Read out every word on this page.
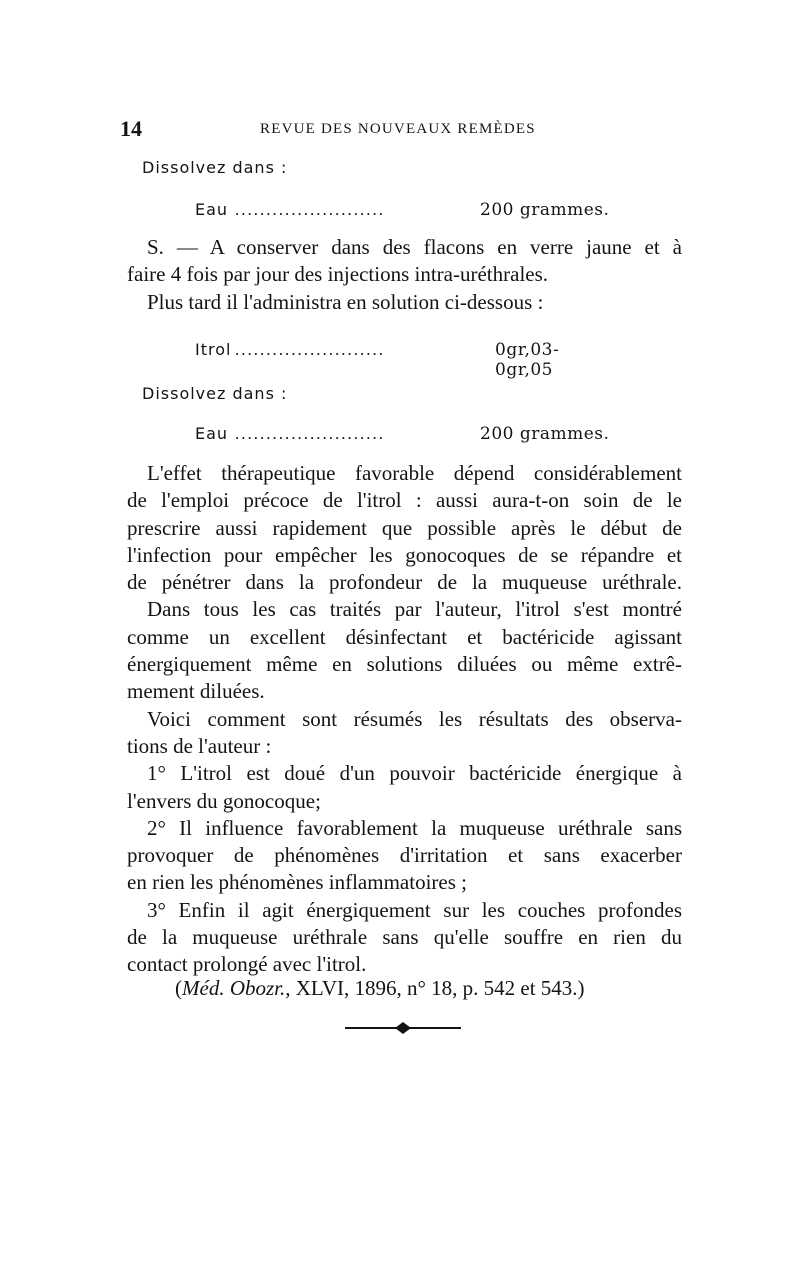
14	REVUE DES NOUVEAUX REMÈDES
Dissolvez dans :
Eau ........................	200 grammes.
S. — A conserver dans des flacons en verre jaune et à
faire 4 fois par jour des injections intra-uréthrales.
Plus tard il l'administra en solution ci-dessous :
Itrol ........................	0gr,03-0gr,05
Dissolvez dans :
Eau ........................	200 grammes.
L'effet thérapeutique favorable dépend considérablement
de l'emploi précoce de l'itrol : aussi aura-t-on soin de le
prescrire aussi rapidement que possible après le début de
l'infection pour empêcher les gonocoques de se répandre et
de pénétrer dans la profondeur de la muqueuse uréthrale.
Dans tous les cas traités par l'auteur, l'itrol s'est montré
comme un excellent désinfectant et bactéricide agissant
énergiquement même en solutions diluées ou même extrê-
mement diluées.
Voici comment sont résumés les résultats des observa-
tions de l'auteur :
1° L'itrol est doué d'un pouvoir bactéricide énergique à
l'envers du gonocoque;
2° Il influence favorablement la muqueuse uréthrale sans
provoquer de phénomènes d'irritation et sans exacerber
en rien les phénomènes inflammatoires ;
3° Enfin il agit énergiquement sur les couches profondes
de la muqueuse uréthrale sans qu'elle souffre en rien du
contact prolongé avec l'itrol.
(Méd. Obozr., XLVI, 1896, n° 18, p. 542 et 543.)
